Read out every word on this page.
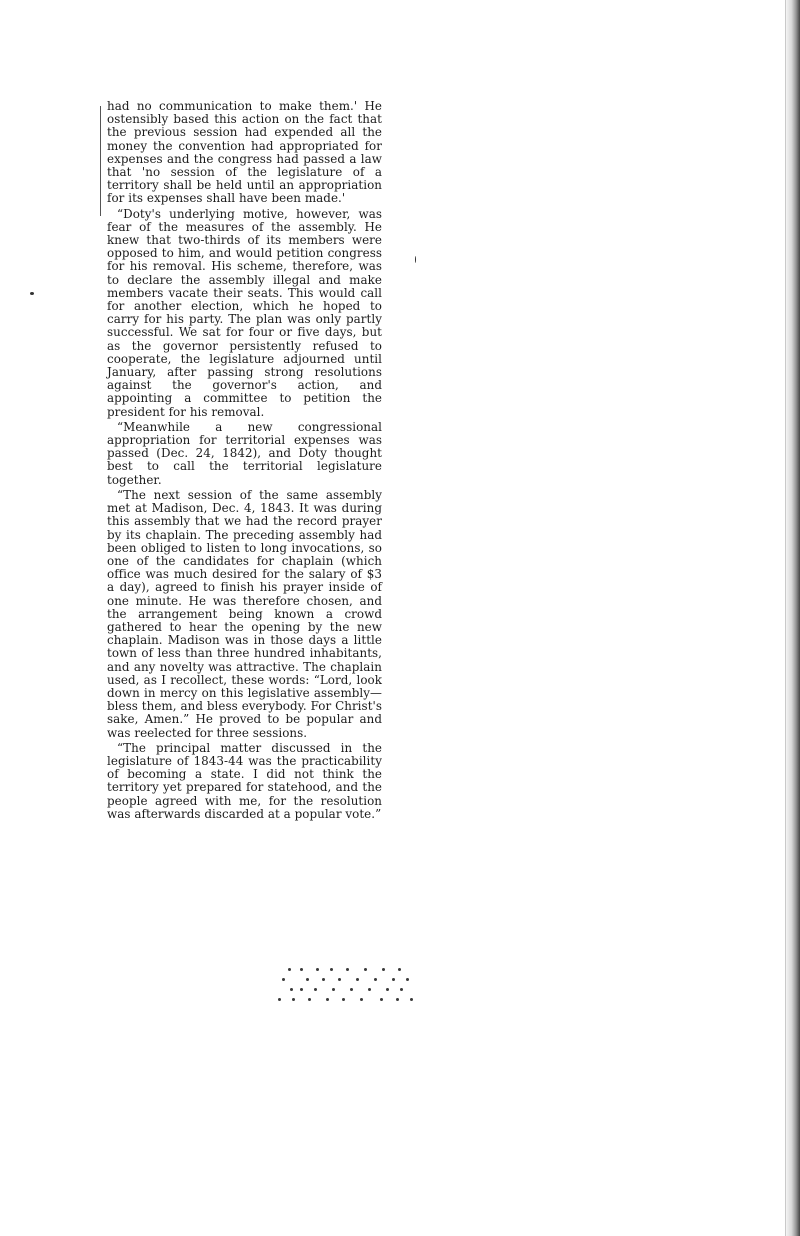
had no communication to make them.' He ostensibly based this action on the fact that the previous session had expended all the money the convention had appropriated for expenses and the congress had passed a law that 'no session of the legislature of a territory shall be held until an appropriation for its expenses shall have been made.'

“Doty's underlying motive, however, was fear of the measures of the assembly. He knew that two-thirds of its members were opposed to him, and would petition congress for his removal. His scheme, therefore, was to declare the assembly illegal and make members vacate their seats. This would call for another election, which he hoped to carry for his party. The plan was only partly successful. We sat for four or five days, but as the governor persistently refused to cooperate, the legislature adjourned until January, after passing strong resolutions against the governor's action, and appointing a committee to petition the president for his removal.

“Meanwhile a new congressional appropriation for territorial expenses was passed (Dec. 24, 1842), and Doty thought best to call the territorial legislature together.

“The next session of the same assembly met at Madison, Dec. 4, 1843. It was during this assembly that we had the record prayer by its chaplain. The preceding assembly had been obliged to listen to long invocations, so one of the candidates for chaplain (which office was much desired for the salary of $3 a day), agreed to finish his prayer inside of one minute. He was therefore chosen, and the arrangement being known a crowd gathered to hear the opening by the new chaplain. Madison was in those days a little town of less than three hundred inhabitants, and any novelty was attractive. The chaplain used, as I recollect, these words: “Lord, look down in mercy on this legislative assembly—bless them, and bless everybody. For Christ's sake, Amen.” He proved to be popular and was reelected for three sessions.

“The principal matter discussed in the legislature of 1843-44 was the practicability of becoming a state. I did not think the territory yet prepared for statehood, and the people agreed with me, for the resolution was afterwards discarded at a popular vote.”
